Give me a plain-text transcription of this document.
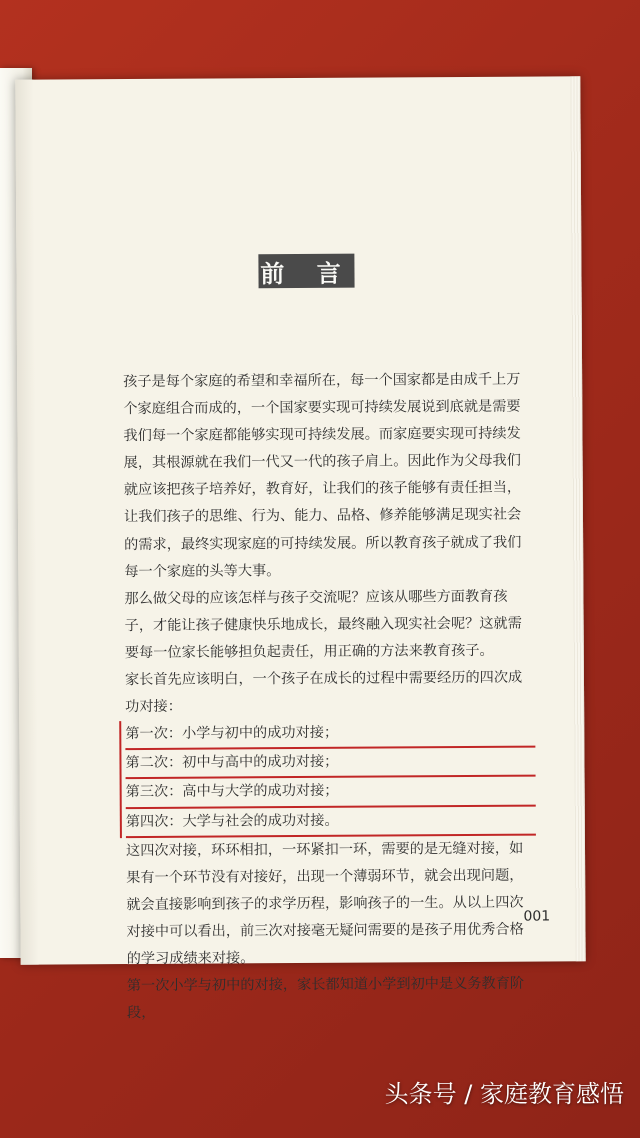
前 言

孩子是每个家庭的希望和幸福所在，每一个国家都是由成千上万个家庭组合而成的，一个国家要实现可持续发展说到底就是需要我们每一个家庭都能够实现可持续发展。而家庭要实现可持续发展，其根源就在我们一代又一代的孩子肩上。因此作为父母我们就应该把孩子培养好，教育好，让我们的孩子能够有责任担当，让我们孩子的思维、行为、能力、品格、修养能够满足现实社会的需求，最终实现家庭的可持续发展。所以教育孩子就成了我们每一个家庭的头等大事。

那么做父母的应该怎样与孩子交流呢？应该从哪些方面教育孩子，才能让孩子健康快乐地成长，最终融入现实社会呢？这就需要每一位家长能够担负起责任，用正确的方法来教育孩子。

家长首先应该明白，一个孩子在成长的过程中需要经历的四次成功对接：

第一次：小学与初中的成功对接；
第二次：初中与高中的成功对接；
第三次：高中与大学的成功对接；
第四次：大学与社会的成功对接。

这四次对接，环环相扣，一环紧扣一环，需要的是无缝对接，如果有一个环节没有对接好，出现一个薄弱环节，就会出现问题，就会直接影响到孩子的求学历程，影响孩子的一生。从以上四次对接中可以看出，前三次对接毫无疑问需要的是孩子用优秀合格的学习成绩来对接。

第一次小学与初中的对接，家长都知道小学到初中是义务教育阶段，

001
头条号 / 家庭教育感悟
